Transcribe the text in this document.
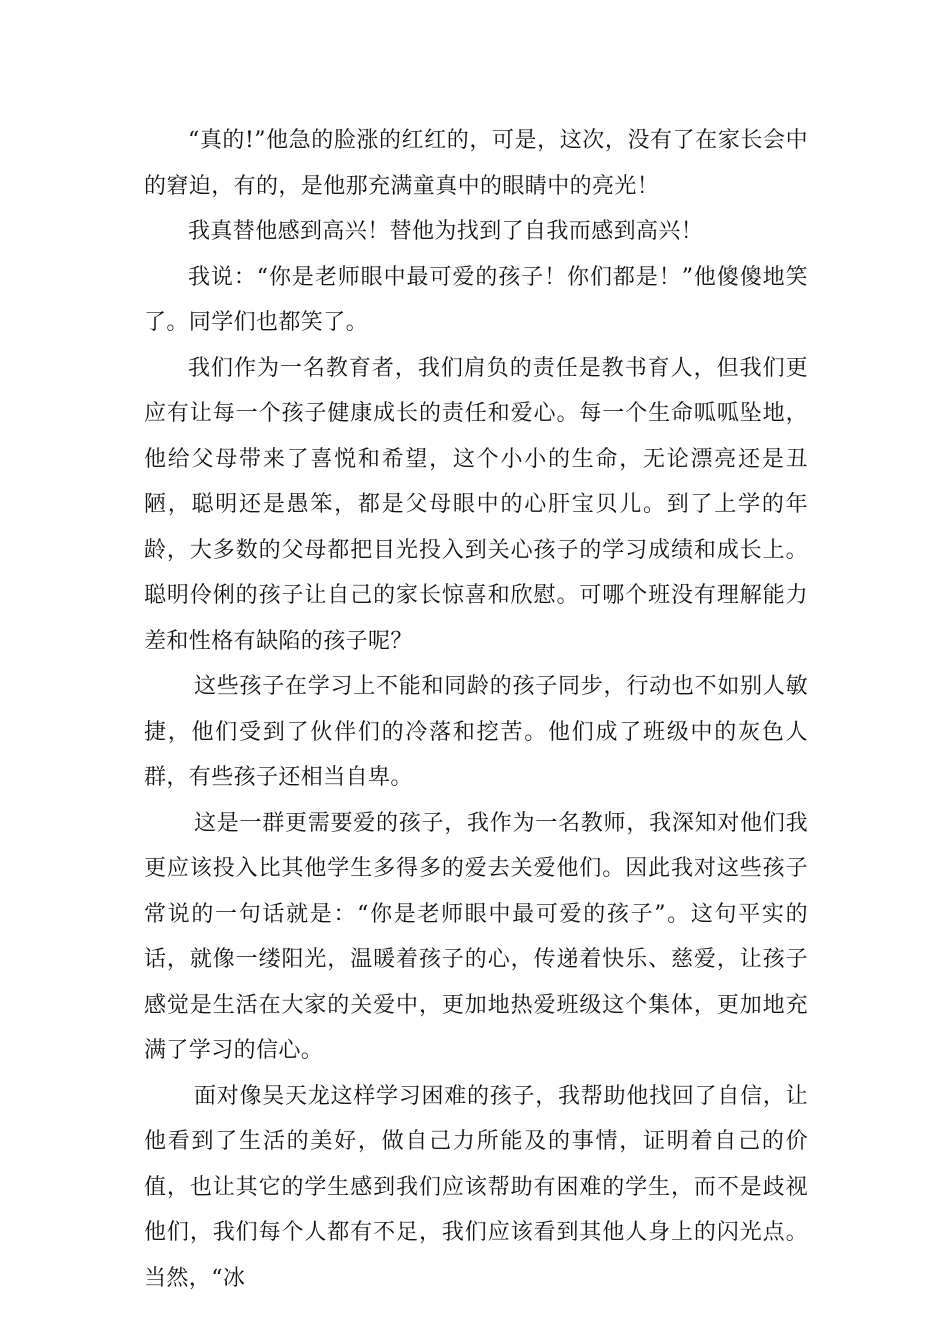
“真的!”他急的脸涨的红红的，可是，这次，没有了在家长会中的窘迫，有的，是他那充满童真中的眼睛中的亮光！

我真替他感到高兴！替他为找到了自我而感到高兴！

我说：“你是老师眼中最可爱的孩子！你们都是！”他傻傻地笑了。同学们也都笑了。

我们作为一名教育者，我们肩负的责任是教书育人，但我们更应有让每一个孩子健康成长的责任和爱心。每一个生命呱呱坠地，他给父母带来了喜悦和希望，这个小小的生命，无论漂亮还是丑陋，聪明还是愚笨，都是父母眼中的心肝宝贝儿。到了上学的年龄，大多数的父母都把目光投入到关心孩子的学习成绩和成长上。聪明伶俐的孩子让自己的家长惊喜和欣慰。可哪个班没有理解能力差和性格有缺陷的孩子呢？

这些孩子在学习上不能和同龄的孩子同步，行动也不如别人敏捷，他们受到了伙伴们的冷落和挖苦。他们成了班级中的灰色人群，有些孩子还相当自卑。

这是一群更需要爱的孩子，我作为一名教师，我深知对他们我更应该投入比其他学生多得多的爱去关爱他们。因此我对这些孩子常说的一句话就是：“你是老师眼中最可爱的孩子”。这句平实的话，就像一缕阳光，温暖着孩子的心，传递着快乐、慈爱，让孩子感觉是生活在大家的关爱中，更加地热爱班级这个集体，更加地充满了学习的信心。

面对像吴天龙这样学习困难的孩子，我帮助他找回了自信，让他看到了生活的美好，做自己力所能及的事情，证明着自己的价值，也让其它的学生感到我们应该帮助有困难的学生，而不是歧视他们，我们每个人都有不足，我们应该看到其他人身上的闪光点。当然，“冰
